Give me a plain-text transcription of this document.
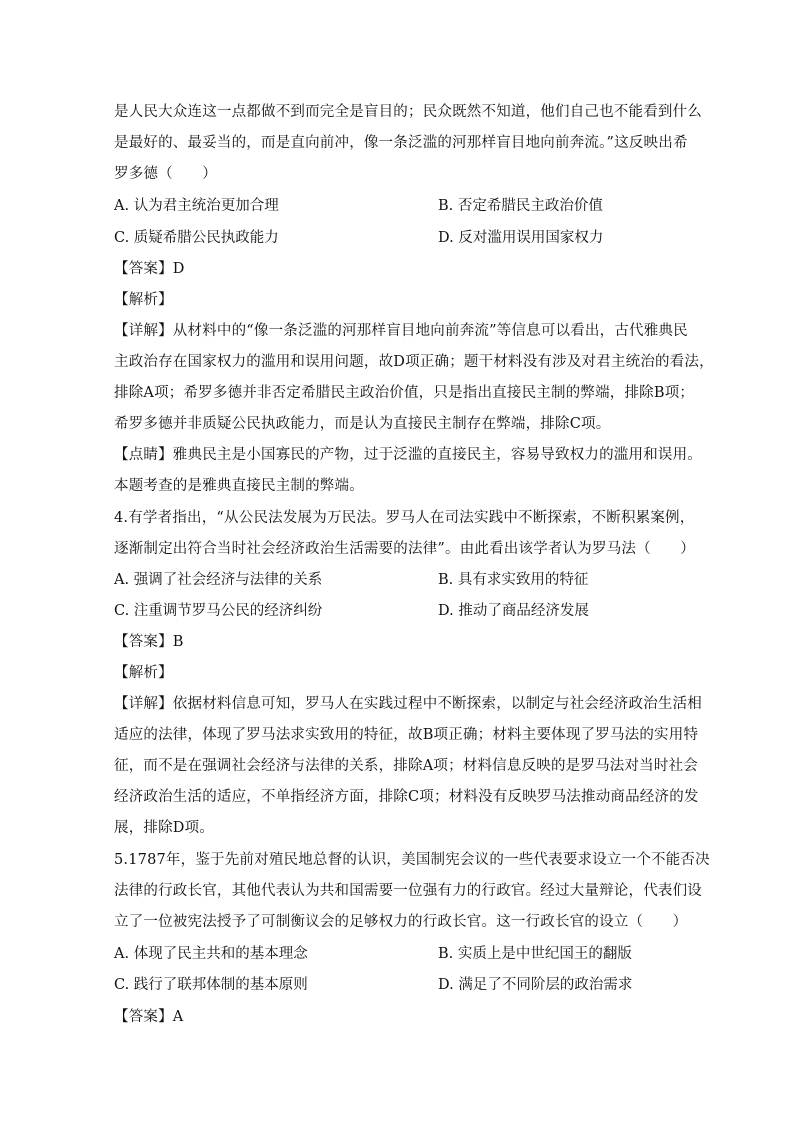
是人民大众连这一点都做不到而完全是盲目的；民众既然不知道，他们自己也不能看到什么
是最好的、最妥当的，而是直向前冲，像一条泛滥的河那样盲目地向前奔流。”这反映出希
罗多德（　　）
A. 认为君主统治更加合理	B. 否定希腊民主政治价值
C. 质疑希腊公民执政能力	D. 反对滥用误用国家权力
【答案】D
【解析】
【详解】从材料中的“像一条泛滥的河那样盲目地向前奔流”等信息可以看出，古代雅典民
主政治存在国家权力的滥用和误用问题，故D项正确；题干材料没有涉及对君主统治的看法，
排除A项；希罗多德并非否定希腊民主政治价值，只是指出直接民主制的弊端，排除B项；
希罗多德并非质疑公民执政能力，而是认为直接民主制存在弊端，排除C项。
【点睛】雅典民主是小国寡民的产物，过于泛滥的直接民主，容易导致权力的滥用和误用。
本题考查的是雅典直接民主制的弊端。
4.有学者指出，“从公民法发展为万民法。罗马人在司法实践中不断探索，不断积累案例，
逐渐制定出符合当时社会经济政治生活需要的法律”。由此看出该学者认为罗马法（　　）
A. 强调了社会经济与法律的关系	B. 具有求实致用的特征
C. 注重调节罗马公民的经济纠纷	D. 推动了商品经济发展
【答案】B
【解析】
【详解】依据材料信息可知，罗马人在实践过程中不断探索，以制定与社会经济政治生活相
适应的法律，体现了罗马法求实致用的特征，故B项正确；材料主要体现了罗马法的实用特
征，而不是在强调社会经济与法律的关系，排除A项；材料信息反映的是罗马法对当时社会
经济政治生活的适应，不单指经济方面，排除C项；材料没有反映罗马法推动商品经济的发
展，排除D项。
5.1787年，鉴于先前对殖民地总督的认识，美国制宪会议的一些代表要求设立一个不能否决
法律的行政长官，其他代表认为共和国需要一位强有力的行政官。经过大量辩论，代表们设
立了一位被宪法授予了可制衡议会的足够权力的行政长官。这一行政长官的设立（　　）
A. 体现了民主共和的基本理念	B. 实质上是中世纪国王的翻版
C. 践行了联邦体制的基本原则	D. 满足了不同阶层的政治需求
【答案】A
